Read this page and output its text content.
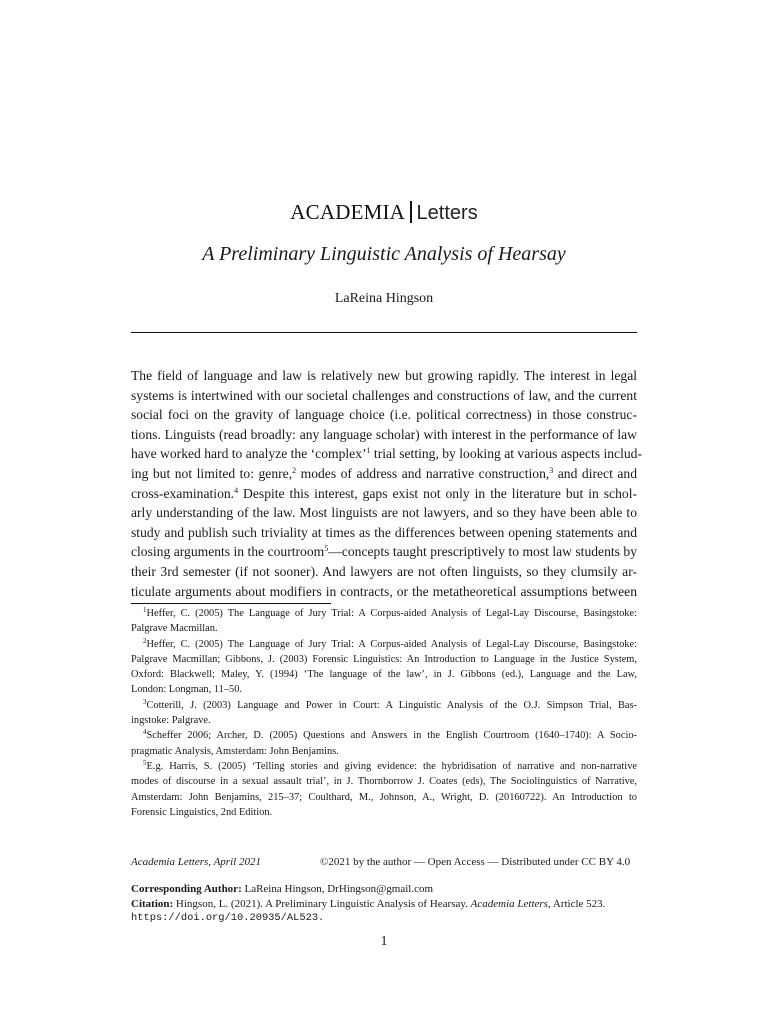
ACADEMIA Letters
A Preliminary Linguistic Analysis of Hearsay
LaReina Hingson
The field of language and law is relatively new but growing rapidly. The interest in legal
systems is intertwined with our societal challenges and constructions of law, and the current
social foci on the gravity of language choice (i.e. political correctness) in those construc-
tions. Linguists (read broadly: any language scholar) with interest in the performance of law
have worked hard to analyze the ‘complex’$^1$ trial setting, by looking at various aspects includ-
ing but not limited to: genre,$^2$ modes of address and narrative construction,$^3$ and direct and
cross-examination.$^4$ Despite this interest, gaps exist not only in the literature but in schol-
arly understanding of the law. Most linguists are not lawyers, and so they have been able to
study and publish such triviality at times as the differences between opening statements and
closing arguments in the courtroom$^5$—concepts taught prescriptively to most law students by
their 3rd semester (if not sooner). And lawyers are not often linguists, so they clumsily ar-
ticulate arguments about modifiers in contracts, or the metatheoretical assumptions between
$^1$Heffer, C. (2005) The Language of Jury Trial: A Corpus-aided Analysis of Legal-Lay Discourse, Basingstoke:
Palgrave Macmillan.
$^2$Heffer, C. (2005) The Language of Jury Trial: A Corpus-aided Analysis of Legal-Lay Discourse, Basingstoke:
Palgrave Macmillan; Gibbons, J. (2003) Forensic Linguistics: An Introduction to Language in the Justice System,
Oxford: Blackwell; Maley, Y. (1994) ‘The language of the law’, in J. Gibbons (ed.), Language and the Law,
London: Longman, 11–50.
$^3$Cotterill, J. (2003) Language and Power in Court: A Linguistic Analysis of the O.J. Simpson Trial, Bas-
ingstoke: Palgrave.
$^4$Scheffer 2006; Archer, D. (2005) Questions and Answers in the English Courtroom (1640–1740): A Socio-
pragmatic Analysis, Amsterdam: John Benjamins.
$^5$E.g. Harris, S. (2005) ‘Telling stories and giving evidence: the hybridisation of narrative and non-narrative
modes of discourse in a sexual assault trial’, in J. Thornborrow J. Coates (eds), The Sociolinguistics of Narrative,
Amsterdam: John Benjamins, 215–37; Coulthard, M., Johnson, A., Wright, D. (20160722). An Introduction to
Forensic Linguistics, 2nd Edition.
Academia Letters, April 2021	©2021 by the author — Open Access — Distributed under CC BY 4.0
Corresponding Author: LaReina Hingson, DrHingson@gmail.com
Citation: Hingson, L. (2021). A Preliminary Linguistic Analysis of Hearsay. Academia Letters, Article 523.
https://doi.org/10.20935/AL523.
1
